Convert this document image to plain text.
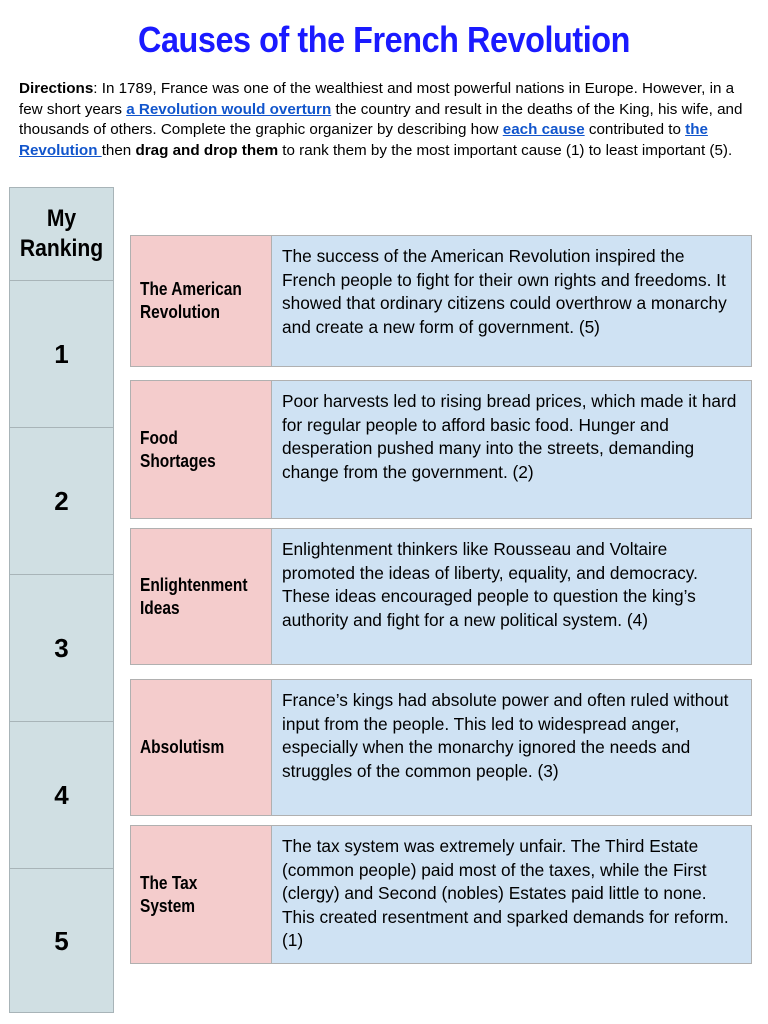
Causes of the French Revolution
Directions: In 1789, France was one of the wealthiest and most powerful nations in Europe. However, in a few short years a Revolution would overturn the country and result in the deaths of the King, his wife, and thousands of others. Complete the graphic organizer by describing how each cause contributed to the Revolution then drag and drop them to rank them by the most important cause (1) to least important (5).
My Ranking
1
2
3
4
5
The American Revolution
The success of the American Revolution inspired the French people to fight for their own rights and freedoms. It showed that ordinary citizens could overthrow a monarchy and create a new form of government. (5)
Food Shortages
Poor harvests led to rising bread prices, which made it hard for regular people to afford basic food. Hunger and desperation pushed many into the streets, demanding change from the government. (2)
Enlightenment Ideas
Enlightenment thinkers like Rousseau and Voltaire promoted the ideas of liberty, equality, and democracy. These ideas encouraged people to question the king’s authority and fight for a new political system. (4)
Absolutism
France’s kings had absolute power and often ruled without input from the people. This led to widespread anger, especially when the monarchy ignored the needs and struggles of the common people. (3)
The Tax System
The tax system was extremely unfair. The Third Estate (common people) paid most of the taxes, while the First (clergy) and Second (nobles) Estates paid little to none. This created resentment and sparked demands for reform. (1)
